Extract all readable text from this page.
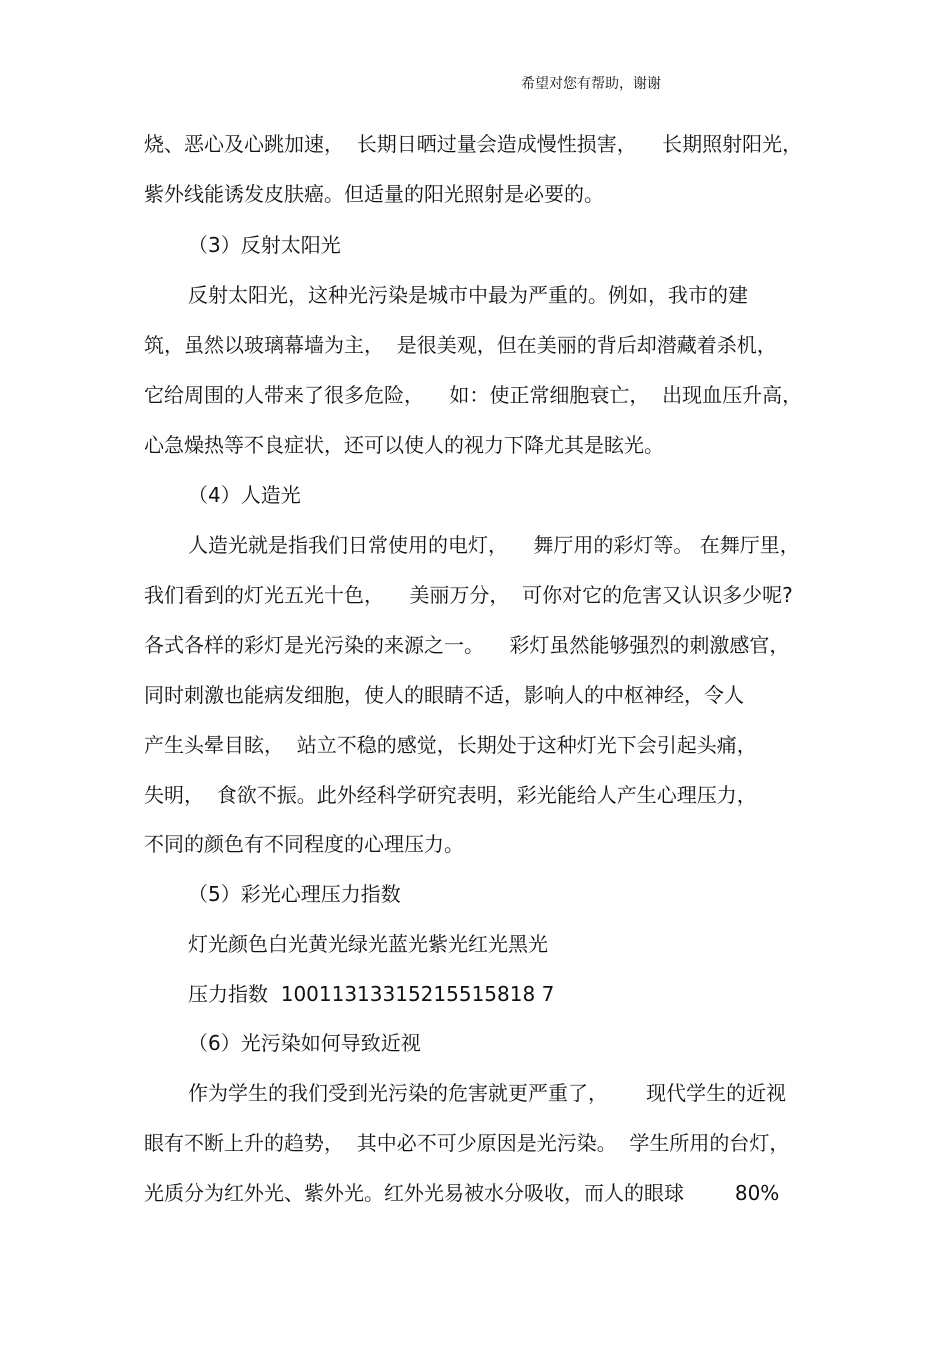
希望对您有帮助，谢谢
烧、恶心及心跳加速，  长期日晒过量会造成慢性损害，    长期照射阳光，
紫外线能诱发皮肤癌。但适量的阳光照射是必要的。
（3）反射太阳光
反射太阳光，这种光污染是城市中最为严重的。例如，我市的建
筑，虽然以玻璃幕墙为主，  是很美观，但在美丽的背后却潜藏着杀机，
它给周围的人带来了很多危险，    如：使正常细胞衰亡，  出现血压升高，
心急燥热等不良症状，还可以使人的视力下降尤其是眩光。
（4）人造光
人造光就是指我们日常使用的电灯，    舞厅用的彩灯等。 在舞厅里，
我们看到的灯光五光十色，    美丽万分，  可你对它的危害又认识多少呢?
各式各样的彩灯是光污染的来源之一。    彩灯虽然能够强烈的刺激感官，
同时刺激也能病发细胞，使人的眼睛不适，影响人的中枢神经，令人
产生头晕目眩，  站立不稳的感觉，长期处于这种灯光下会引起头痛，
失明，  食欲不振。此外经科学研究表明，彩光能给人产生心理压力，
不同的颜色有不同程度的心理压力。
（5）彩光心理压力指数
灯光颜色白光黄光绿光蓝光紫光红光黑光
压力指数  10011313315215515818 7
（6）光污染如何导致近视
作为学生的我们受到光污染的危害就更严重了，      现代学生的近视
眼有不断上升的趋势，  其中必不可少原因是光污染。  学生所用的台灯，
光质分为红外光、紫外光。红外光易被水分吸收，而人的眼球        80%
